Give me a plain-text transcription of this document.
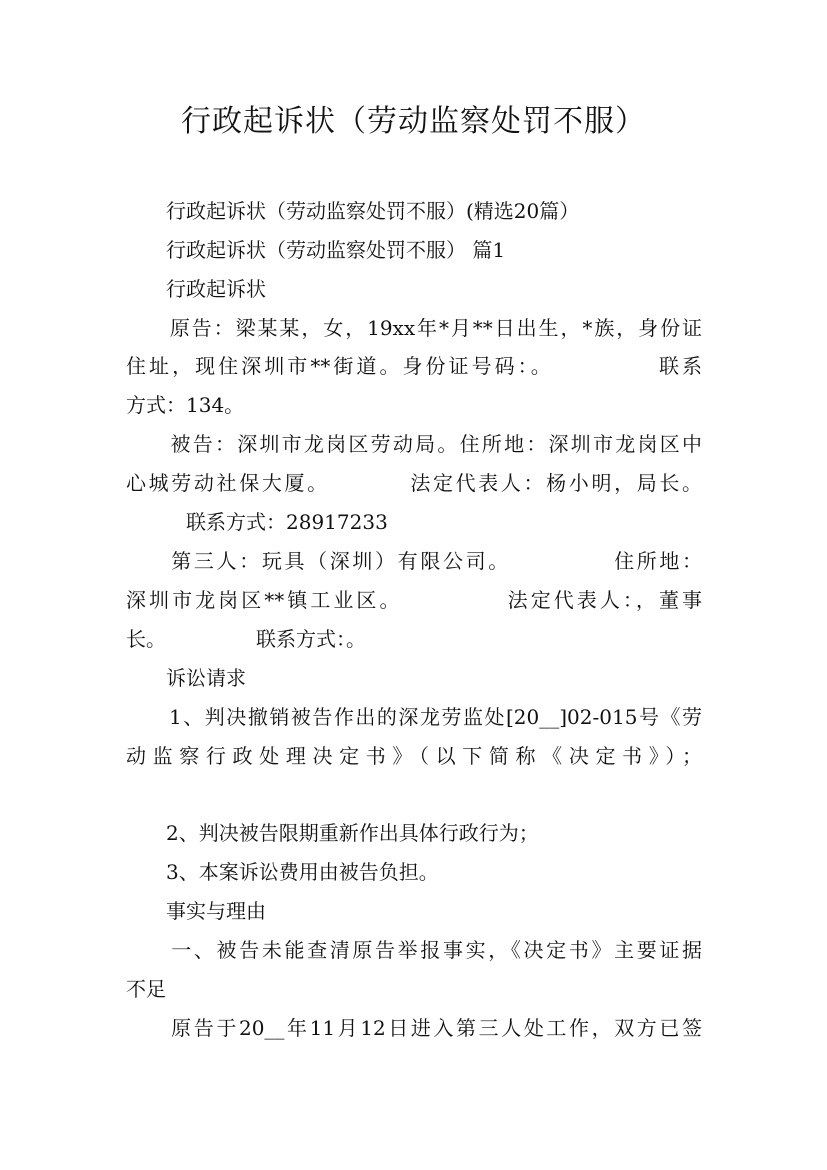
行政起诉状（劳动监察处罚不服）
　　行政起诉状（劳动监察处罚不服）(精选20篇）
　　行政起诉状（劳动监察处罚不服） 篇1
　　行政起诉状
　　原告：梁某某，女，19xx年*月**日出生，*族，身份证
住址，现住深圳市**街道。身份证号码：。　　　　　联系
方式：134。
　　被告：深圳市龙岗区劳动局。住所地：深圳市龙岗区中
心城劳动社保大厦。　　　　法定代表人：杨小明，局长。
　　　联系方式：28917233
　　第三人：玩具（深圳）有限公司。　　　　　住所地：
深圳市龙岗区**镇工业区。　　　　　法定代表人：，董事
长。　　　　　联系方式：。
　　诉讼请求
　　1、判决撤销被告作出的深龙劳监处[20__]02-015号《劳
动监察行政处理决定书》（以下简称《决定书》）；
　　2、判决被告限期重新作出具体行政行为；
　　3、本案诉讼费用由被告负担。
　　事实与理由
　　一、被告未能查清原告举报事实，《决定书》主要证据
不足
　　原告于20__年11月12日进入第三人处工作，双方已签
